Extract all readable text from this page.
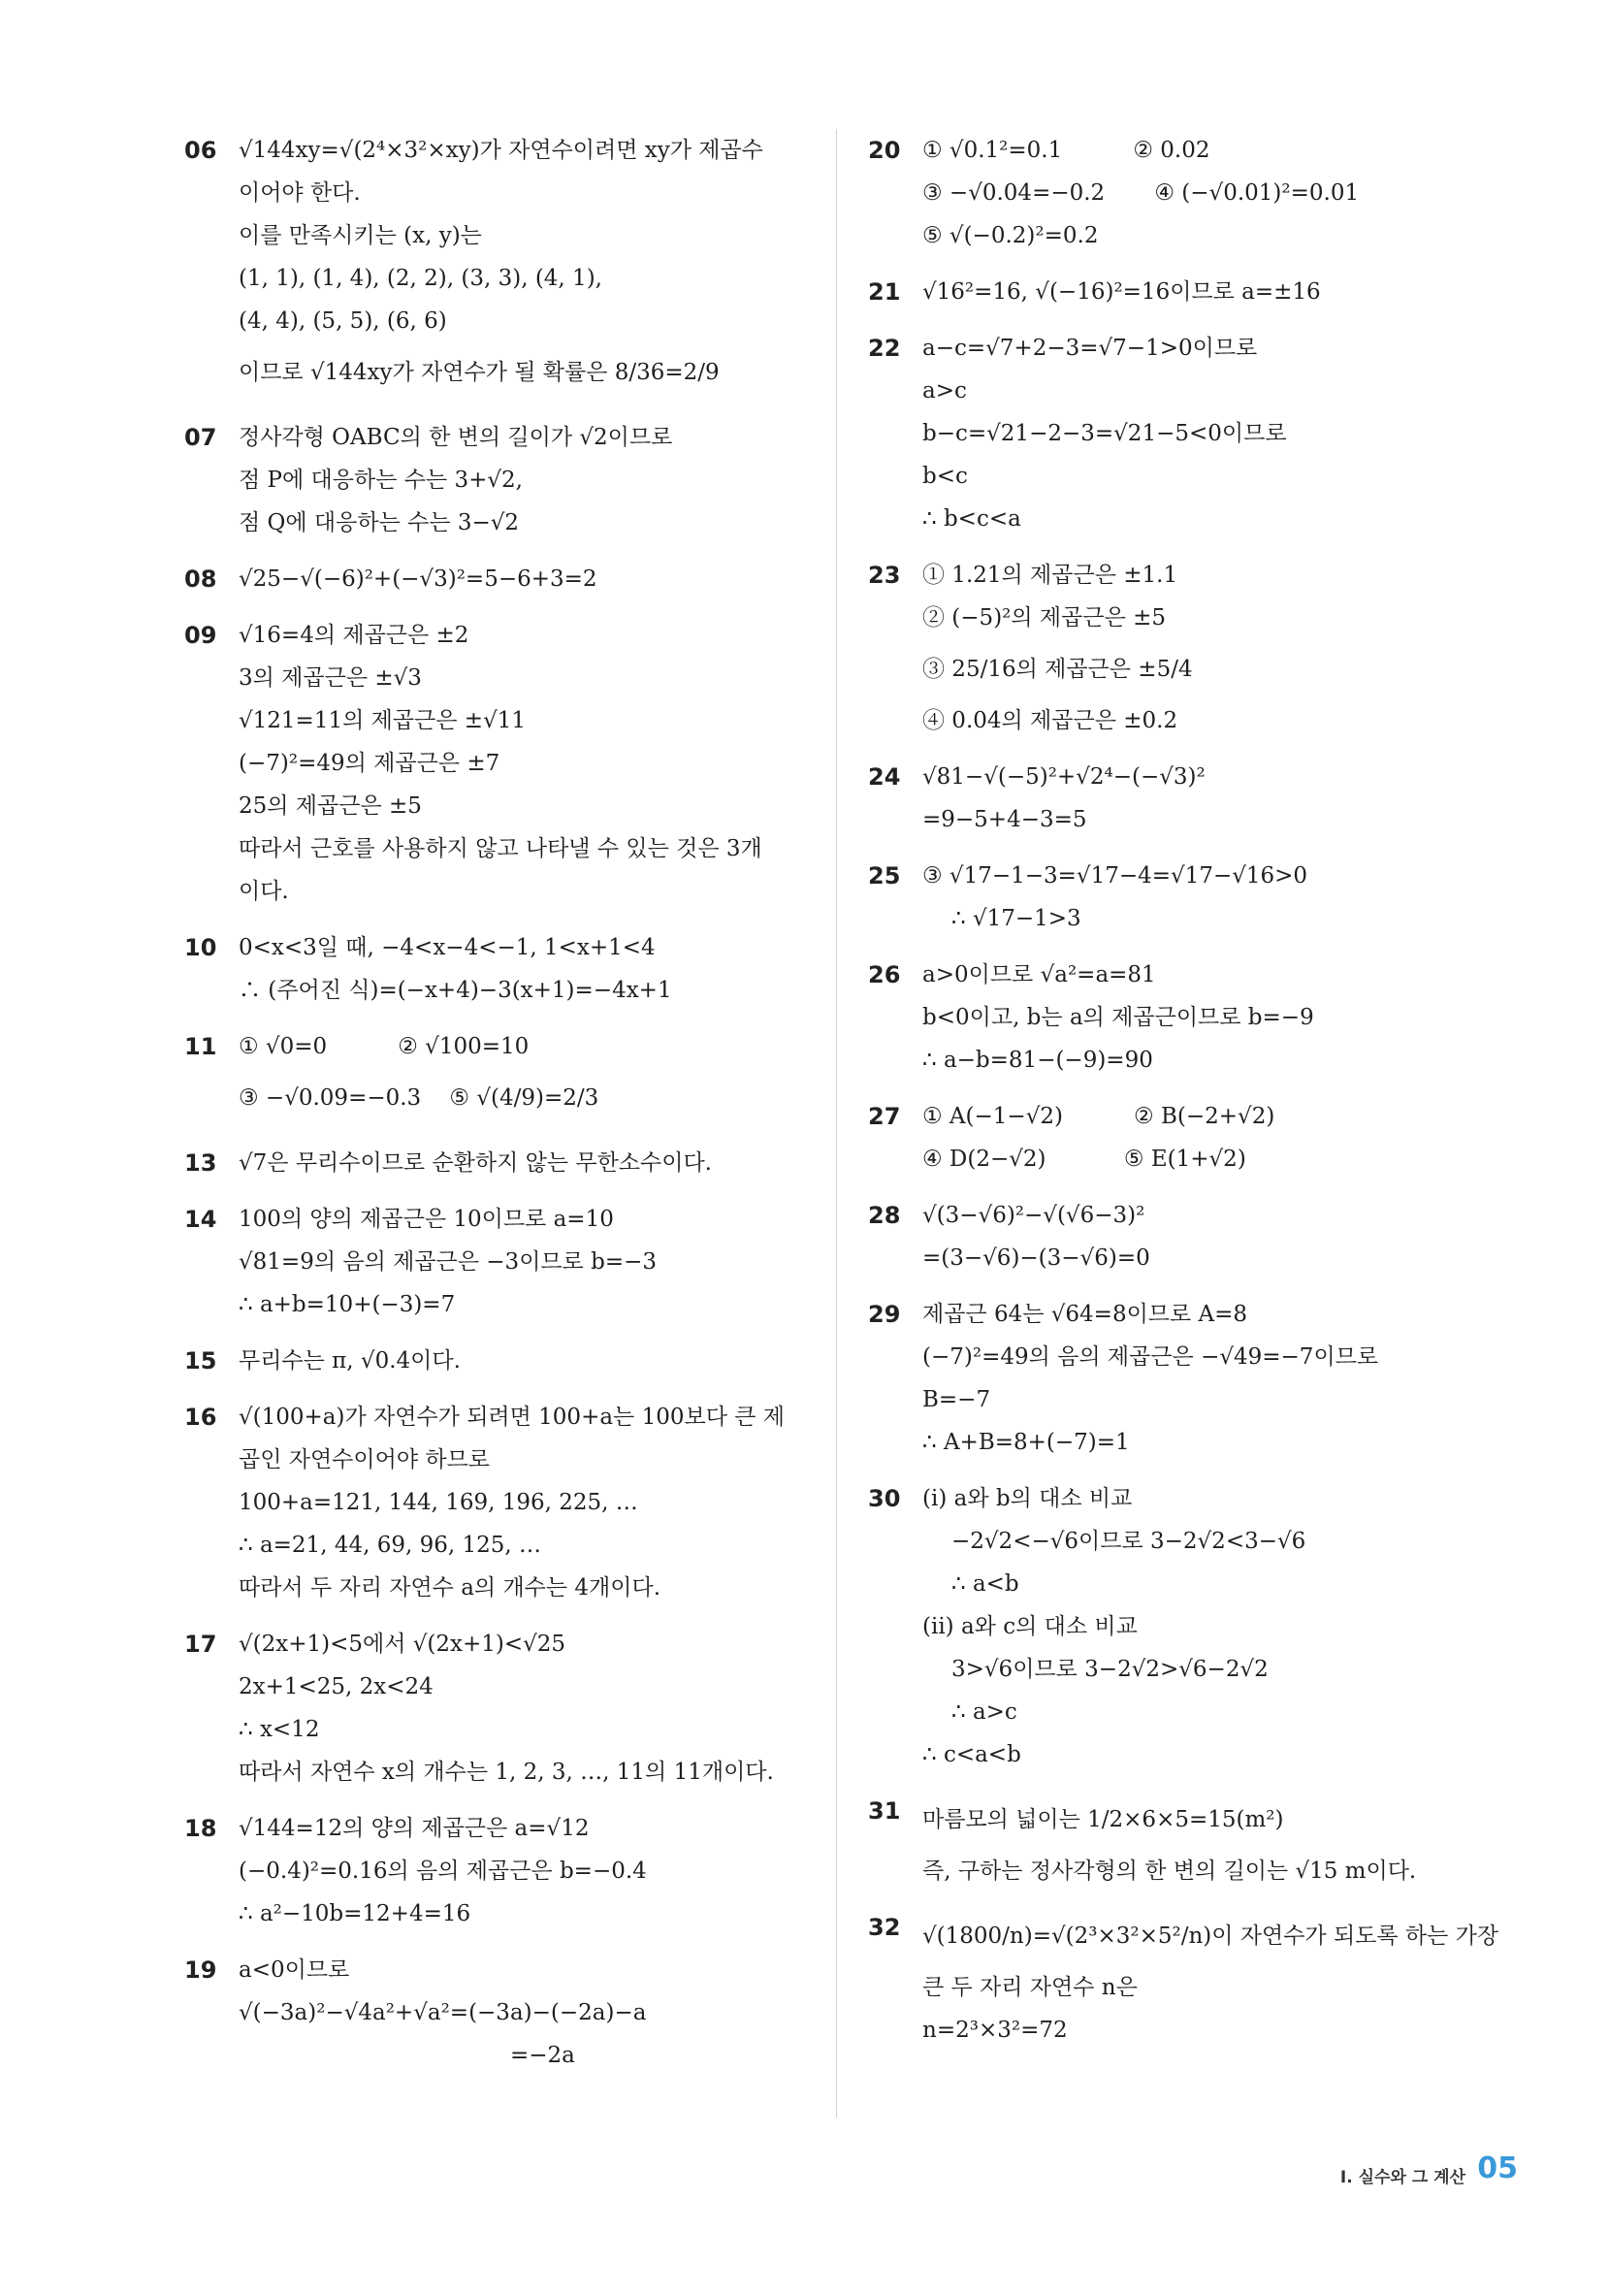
06 √144xy=√(2⁴×3²×xy)가 자연수이려면 xy가 제곱수
이어야 한다.
이를 만족시키는 (x, y)는
(1, 1), (1, 4), (2, 2), (3, 3), (4, 1),
(4, 4), (5, 5), (6, 6)
이므로 √144xy가 자연수가 될 확률은 8/36=2/9
07 정사각형 OABC의 한 변의 길이가 √2이므로
점 P에 대응하는 수는 3+√2,
점 Q에 대응하는 수는 3−√2
08 √25−√(−6)²+(−√3)²=5−6+3=2
09 √16=4의 제곱근은 ±2
3의 제곱근은 ±√3
√121=11의 제곱근은 ±√11
(−7)²=49의 제곱근은 ±7
25의 제곱근은 ±5
따라서 근호를 사용하지 않고 나타낼 수 있는 것은 3개
이다.
10 0<x<3일 때, −4<x−4<−1, 1<x+1<4
∴ (주어진 식)=(−x+4)−3(x+1)=−4x+1
11 ① √0=0          ② √100=10
③ −√0.09=−0.3    ⑤ √(4/9)=2/3
13 √7은 무리수이므로 순환하지 않는 무한소수이다.
14 100의 양의 제곱근은 10이므로 a=10
√81=9의 음의 제곱근은 −3이므로 b=−3
∴ a+b=10+(−3)=7
15 무리수는 π, √0.4이다.
16 √(100+a)가 자연수가 되려면 100+a는 100보다 큰 제
곱인 자연수이어야 하므로
100+a=121, 144, 169, 196, 225, …
∴ a=21, 44, 69, 96, 125, …
따라서 두 자리 자연수 a의 개수는 4개이다.
17 √(2x+1)<5에서 √(2x+1)<√25
2x+1<25, 2x<24
∴ x<12
따라서 자연수 x의 개수는 1, 2, 3, …, 11의 11개이다.
18 √144=12의 양의 제곱근은 a=√12
(−0.4)²=0.16의 음의 제곱근은 b=−0.4
∴ a²−10b=12+4=16
19 a<0이므로
√(−3a)²−√4a²+√a²=(−3a)−(−2a)−a
=−2a
20 ① √0.1²=0.1          ② 0.02
③ −√0.04=−0.2       ④ (−√0.01)²=0.01
⑤ √(−0.2)²=0.2
21 √16²=16, √(−16)²=16이므로 a=±16
22 a−c=√7+2−3=√7−1>0이므로
a>c
b−c=√21−2−3=√21−5<0이므로
b<c
∴ b<c<a
23 ① 1.21의 제곱근은 ±1.1
② (−5)²의 제곱근은 ±5
③ 25/16의 제곱근은 ±5/4
④ 0.04의 제곱근은 ±0.2
24 √81−√(−5)²+√2⁴−(−√3)²
=9−5+4−3=5
25 ③ √17−1−3=√17−4=√17−√16>0
∴ √17−1>3
26 a>0이므로 √a²=a=81
b<0이고, b는 a의 제곱근이므로 b=−9
∴ a−b=81−(−9)=90
27 ① A(−1−√2)          ② B(−2+√2)
④ D(2−√2)           ⑤ E(1+√2)
28 √(3−√6)²−√(√6−3)²
=(3−√6)−(3−√6)=0
29 제곱근 64는 √64=8이므로 A=8
(−7)²=49의 음의 제곱근은 −√49=−7이므로
B=−7
∴ A+B=8+(−7)=1
30 (i) a와 b의 대소 비교
−2√2<−√6이므로 3−2√2<3−√6
∴ a<b
(ii) a와 c의 대소 비교
3>√6이므로 3−2√2>√6−2√2
∴ a>c
∴ c<a<b
31 마름모의 넓이는 1/2×6×5=15(m²)
즉, 구하는 정사각형의 한 변의 길이는 √15 m이다.
32 √(1800/n)=√(2³×3²×5²/n)이 자연수가 되도록 하는 가장
큰 두 자리 자연수 n은
n=2³×3²=72
I. 실수와 그 계산 05
